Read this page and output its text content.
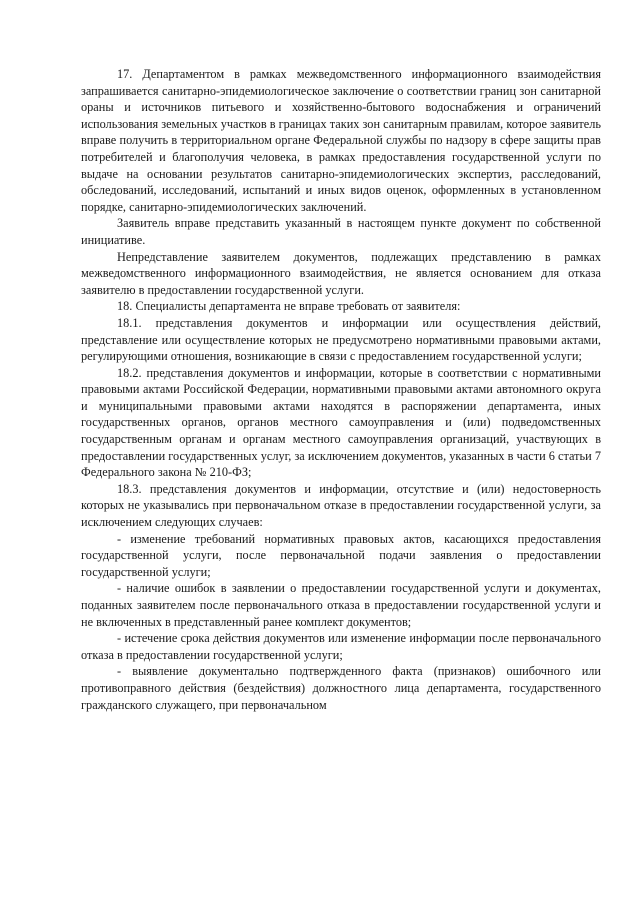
17. Департаментом в рамках межведомственного информационного взаимодействия запрашивается санитарно-эпидемиологическое заключение о соответствии границ зон санитарной ораны и источников питьевого и хозяйственно-бытового водоснабжения и ограничений использования земельных участков в границах таких зон санитарным правилам, которое заявитель вправе получить в территориальном органе Федеральной службы по надзору в сфере защиты прав потребителей и благополучия человека, в рамках предоставления государственной услуги по выдаче на основании результатов санитарно-эпидемиологических экспертиз, расследований, обследований, исследований, испытаний и иных видов оценок, оформленных в установленном порядке, санитарно-эпидемиологических заключений.

Заявитель вправе представить указанный в настоящем пункте документ по собственной инициативе.

Непредставление заявителем документов, подлежащих представлению в рамках межведомственного информационного взаимодействия, не является основанием для отказа заявителю в предоставлении государственной услуги.

18. Специалисты департамента не вправе требовать от заявителя:

18.1. представления документов и информации или осуществления действий, представление или осуществление которых не предусмотрено нормативными правовыми актами, регулирующими отношения, возникающие в связи с предоставлением государственной услуги;

18.2. представления документов и информации, которые в соответствии с нормативными правовыми актами Российской Федерации, нормативными правовыми актами автономного округа и муниципальными правовыми актами находятся в распоряжении департамента, иных государственных органов, органов местного самоуправления и (или) подведомственных государственным органам и органам местного самоуправления организаций, участвующих в предоставлении государственных услуг, за исключением документов, указанных в части 6 статьи 7 Федерального закона № 210-ФЗ;

18.3. представления документов и информации, отсутствие и (или) недостоверность которых не указывались при первоначальном отказе в предоставлении государственной услуги, за исключением следующих случаев:

- изменение требований нормативных правовых актов, касающихся предоставления государственной услуги, после первоначальной подачи заявления о предоставлении государственной услуги;

- наличие ошибок в заявлении о предоставлении государственной услуги и документах, поданных заявителем после первоначального отказа в предоставлении государственной услуги и не включенных в представленный ранее комплект документов;

- истечение срока действия документов или изменение информации после первоначального отказа в предоставлении государственной услуги;

- выявление документально подтвержденного факта (признаков) ошибочного или противоправного действия (бездействия) должностного лица департамента, государственного гражданского служащего, при первоначальном
